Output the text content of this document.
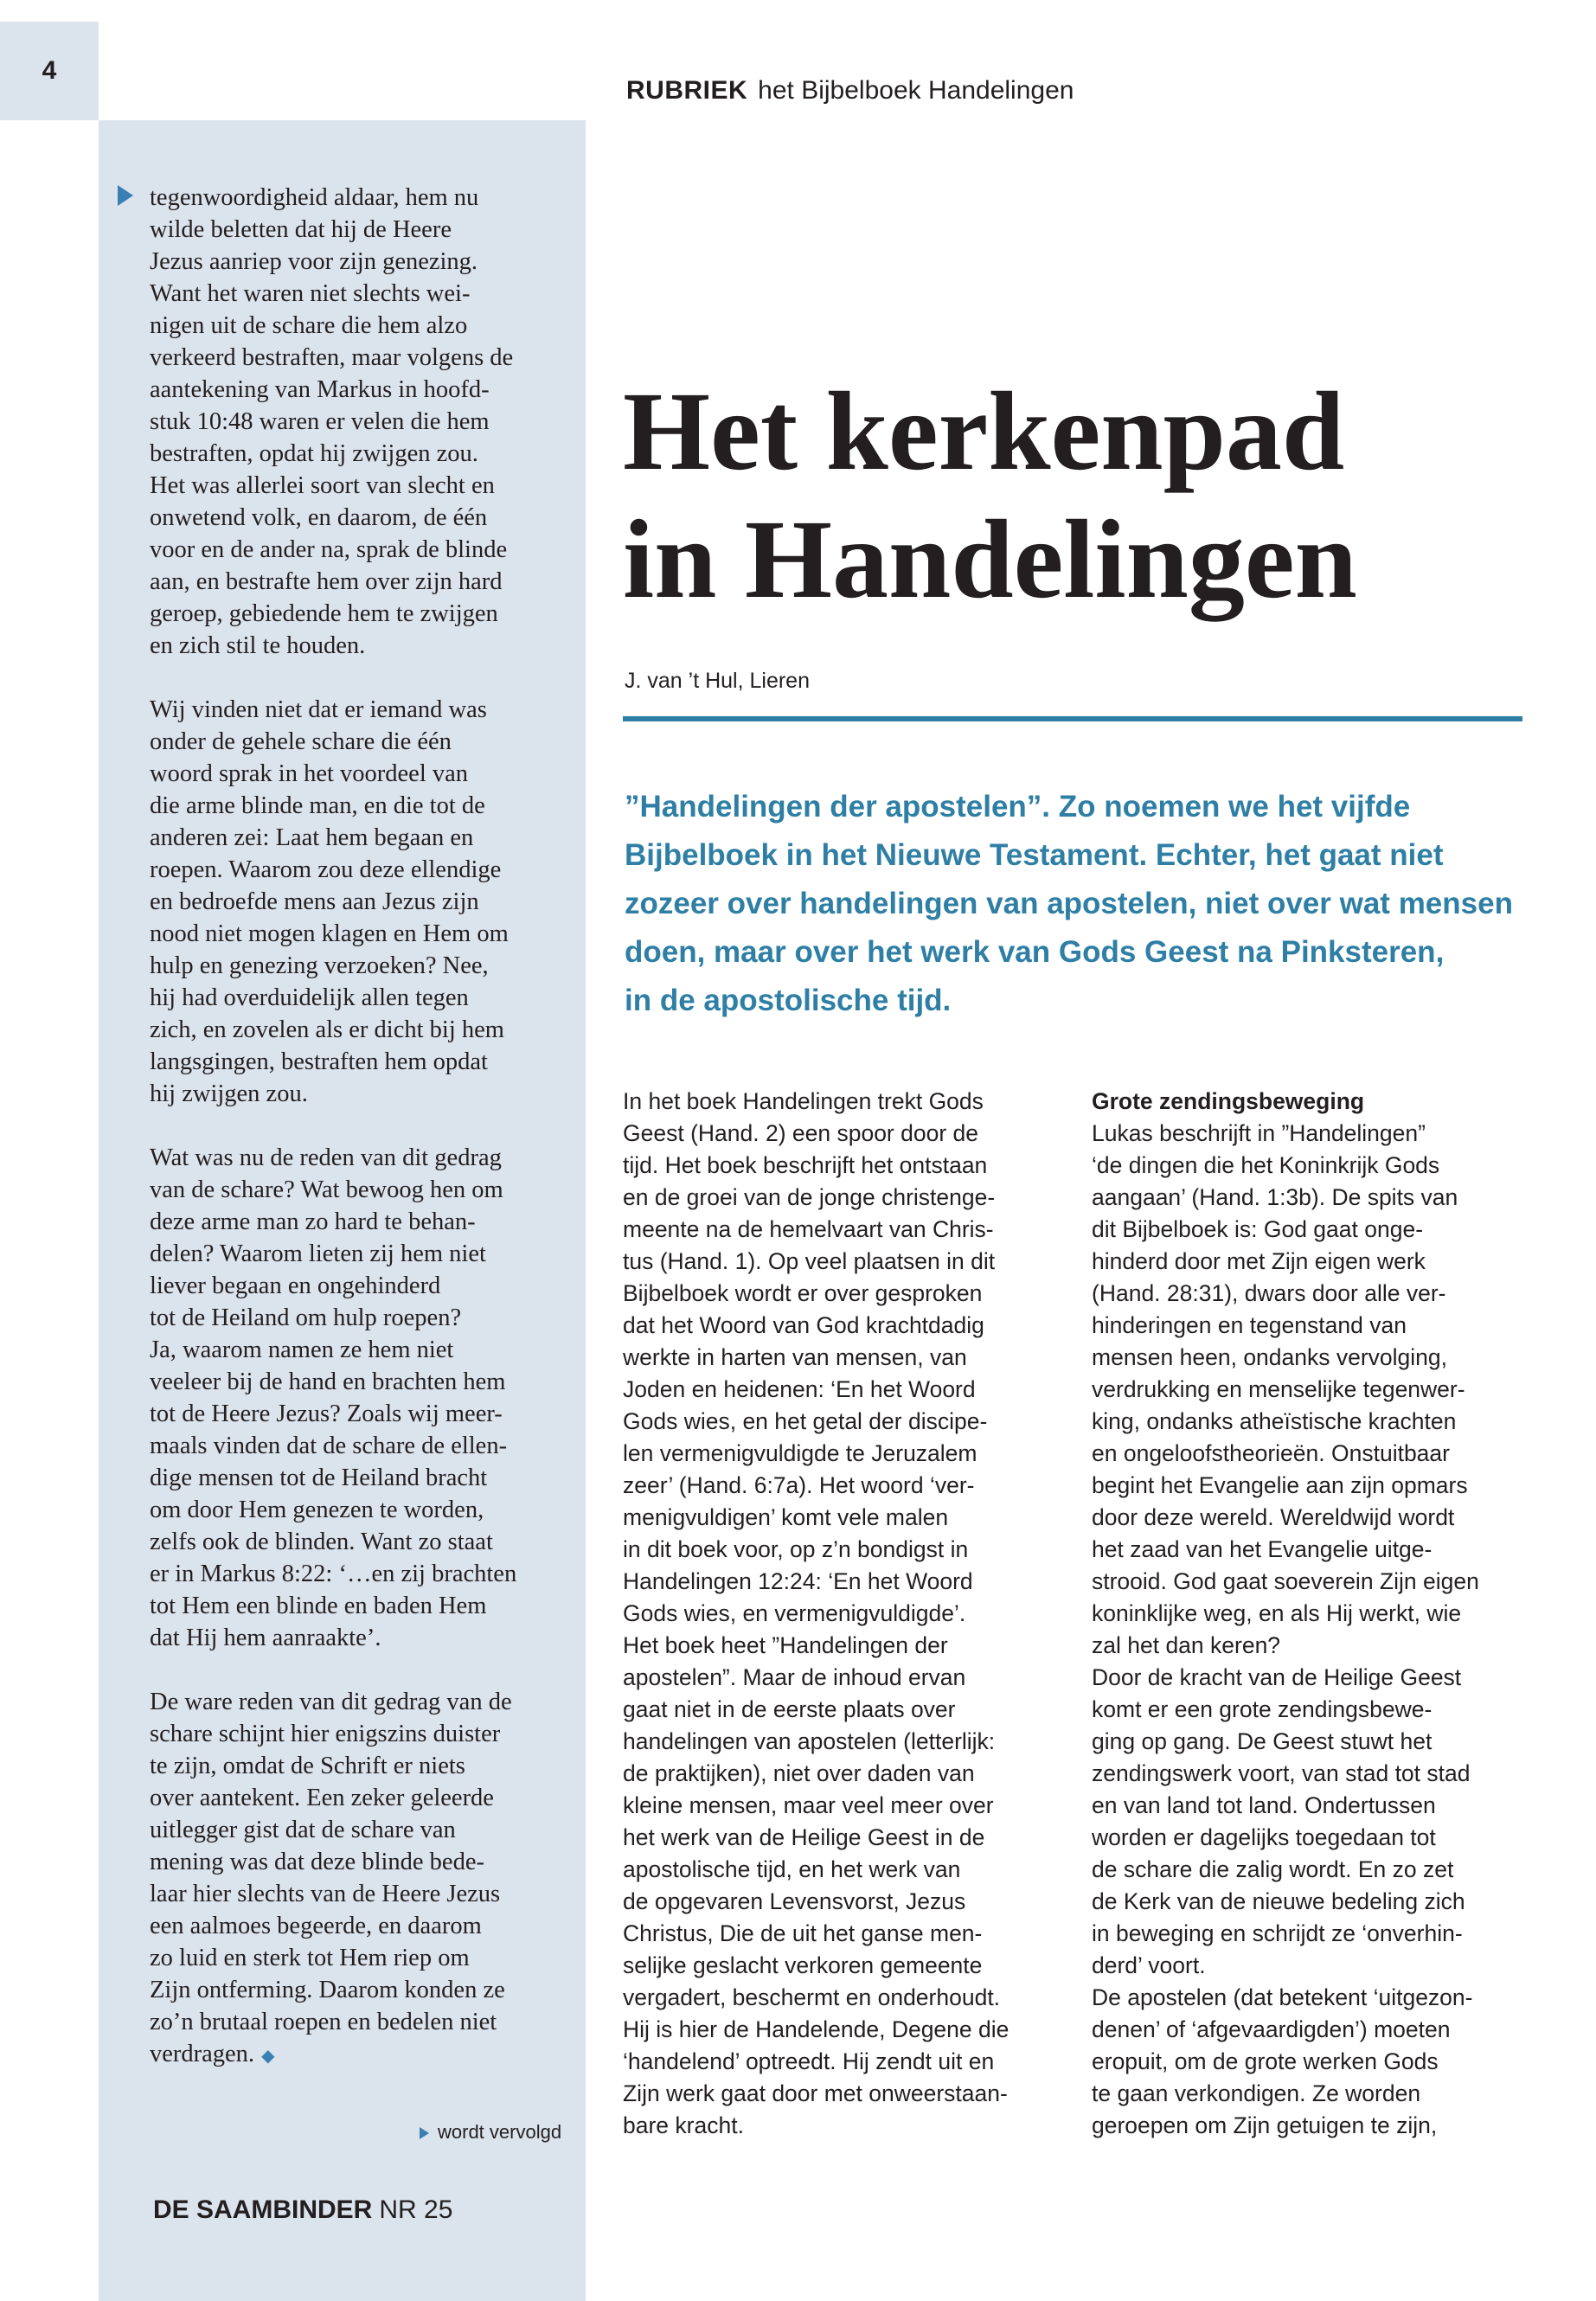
4
RUBRIEK het Bijbelboek Handelingen

tegenwoordigheid aldaar, hem nu
wilde beletten dat hij de Heere
Jezus aanriep voor zijn genezing.
Want het waren niet slechts wei-
nigen uit de schare die hem alzo
verkeerd bestraften, maar volgens de
aantekening van Markus in hoofd-
stuk 10:48 waren er velen die hem
bestraften, opdat hij zwijgen zou.
Het was allerlei soort van slecht en
onwetend volk, en daarom, de één
voor en de ander na, sprak de blinde
aan, en bestrafte hem over zijn hard
geroep, gebiedende hem te zwijgen
en zich stil te houden.

Wij vinden niet dat er iemand was
onder de gehele schare die één
woord sprak in het voordeel van
die arme blinde man, en die tot de
anderen zei: Laat hem begaan en
roepen. Waarom zou deze ellendige
en bedroefde mens aan Jezus zijn
nood niet mogen klagen en Hem om
hulp en genezing verzoeken? Nee,
hij had overduidelijk allen tegen
zich, en zovelen als er dicht bij hem
langsgingen, bestraften hem opdat
hij zwijgen zou.

Wat was nu de reden van dit gedrag
van de schare? Wat bewoog hen om
deze arme man zo hard te behan-
delen? Waarom lieten zij hem niet
liever begaan en ongehinderd
tot de Heiland om hulp roepen?
Ja, waarom namen ze hem niet
veeleer bij de hand en brachten hem
tot de Heere Jezus? Zoals wij meer-
maals vinden dat de schare de ellen-
dige mensen tot de Heiland bracht
om door Hem genezen te worden,
zelfs ook de blinden. Want zo staat
er in Markus 8:22: ‘…en zij brachten
tot Hem een blinde en baden Hem
dat Hij hem aanraakte’.

De ware reden van dit gedrag van de
schare schijnt hier enigszins duister
te zijn, omdat de Schrift er niets
over aantekent. Een zeker geleerde
uitlegger gist dat de schare van
mening was dat deze blinde bede-
laar hier slechts van de Heere Jezus
een aalmoes begeerde, en daarom
zo luid en sterk tot Hem riep om
Zijn ontferming. Daarom konden ze
zo’n brutaal roepen en bedelen niet
verdragen. ◆

wordt vervolgd
DE SAAMBINDER NR 25
Het kerkenpad
in Handelingen
J. van ’t Hul, Lieren
”Handelingen der apostelen”. Zo noemen we het vijfde
Bijbelboek in het Nieuwe Testament. Echter, het gaat niet
zozeer over handelingen van apostelen, niet over wat mensen
doen, maar over het werk van Gods Geest na Pinksteren,
in de apostolische tijd.
In het boek Handelingen trekt Gods
Geest (Hand. 2) een spoor door de
tijd. Het boek beschrijft het ontstaan
en de groei van de jonge christenge-
meente na de hemelvaart van Chris-
tus (Hand. 1). Op veel plaatsen in dit
Bijbelboek wordt er over gesproken
dat het Woord van God krachtdadig
werkte in harten van mensen, van
Joden en heidenen: ‘En het Woord
Gods wies, en het getal der discipe-
len vermenigvuldigde te Jeruzalem
zeer’ (Hand. 6:7a). Het woord ‘ver-
menigvuldigen’ komt vele malen
in dit boek voor, op z’n bondigst in
Handelingen 12:24: ‘En het Woord
Gods wies, en vermenigvuldigde’.
Het boek heet ”Handelingen der
apostelen”. Maar de inhoud ervan
gaat niet in de eerste plaats over
handelingen van apostelen (letterlijk:
de praktijken), niet over daden van
kleine mensen, maar veel meer over
het werk van de Heilige Geest in de
apostolische tijd, en het werk van
de opgevaren Levensvorst, Jezus
Christus, Die de uit het ganse men-
selijke geslacht verkoren gemeente
vergadert, beschermt en onderhoudt.
Hij is hier de Handelende, Degene die
‘handelend’ optreedt. Hij zendt uit en
Zijn werk gaat door met onweerstaan-
bare kracht.
Grote zendingsbeweging
Lukas beschrijft in ”Handelingen”
‘de dingen die het Koninkrijk Gods
aangaan’ (Hand. 1:3b). De spits van
dit Bijbelboek is: God gaat onge-
hinderd door met Zijn eigen werk
(Hand. 28:31), dwars door alle ver-
hinderingen en tegenstand van
mensen heen, ondanks vervolging,
verdrukking en menselijke tegenwer-
king, ondanks atheïstische krachten
en ongeloofstheorieën. Onstuitbaar
begint het Evangelie aan zijn opmars
door deze wereld. Wereldwijd wordt
het zaad van het Evangelie uitge-
strooid. God gaat soeverein Zijn eigen
koninklijke weg, en als Hij werkt, wie
zal het dan keren?
Door de kracht van de Heilige Geest
komt er een grote zendingsbewe-
ging op gang. De Geest stuwt het
zendingswerk voort, van stad tot stad
en van land tot land. Ondertussen
worden er dagelijks toegedaan tot
de schare die zalig wordt. En zo zet
de Kerk van de nieuwe bedeling zich
in beweging en schrijdt ze ‘onverhin-
derd’ voort.
De apostelen (dat betekent ‘uitgezon-
denen’ of ‘afgevaardigden’) moeten
eropuit, om de grote werken Gods
te gaan verkondigen. Ze worden
geroepen om Zijn getuigen te zijn,
